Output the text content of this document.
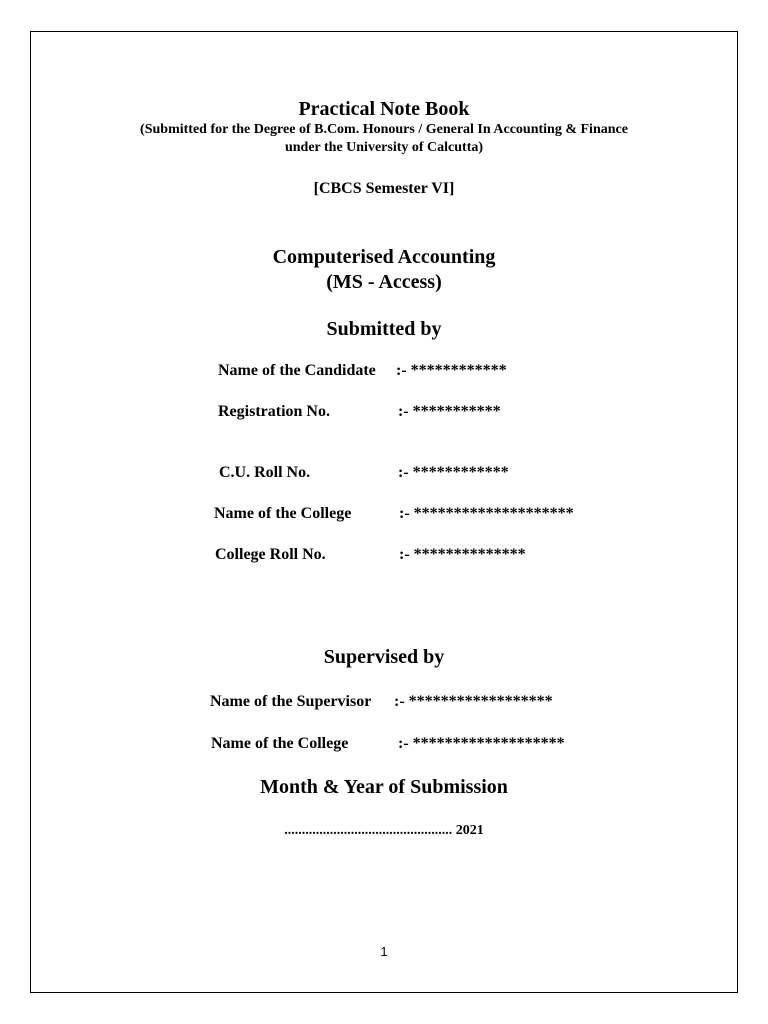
Practical Note Book
(Submitted for the Degree of B.Com. Honours / General In Accounting & Finance
under the University of Calcutta)
[CBCS Semester VI]
Computerised Accounting
(MS - Access)
Submitted by
Name of the Candidate :- ************
Registration No.	:- ***********
C.U. Roll No.	:- ************
Name of the College	:- ********************
College Roll No.	:- **************
Supervised by
Name of the Supervisor :- ******************
Name of the College	:- *******************
Month & Year of Submission
................................................ 2021
1
